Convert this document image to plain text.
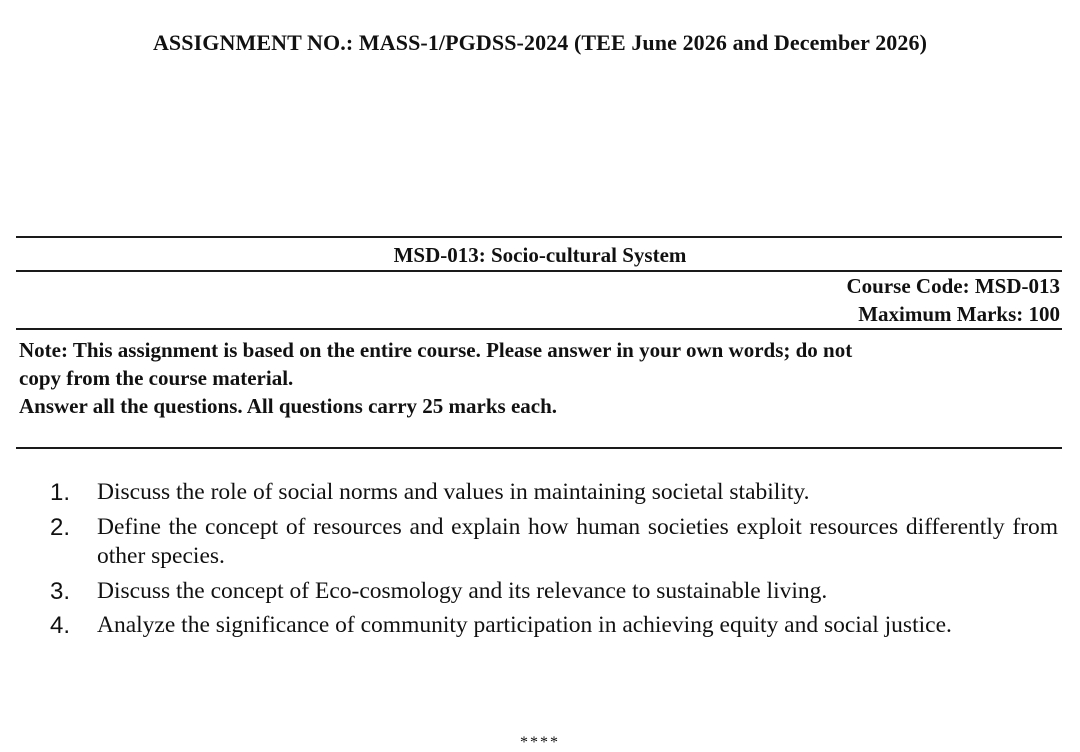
ASSIGNMENT NO.: MASS-1/PGDSS-2024 (TEE June 2026 and December 2026)
MSD-013: Socio-cultural System
Course Code: MSD-013
Maximum Marks: 100
Note: This assignment is based on the entire course. Please answer in your own words; do not
copy from the course material.
Answer all the questions. All questions carry 25 marks each.
1. Discuss the role of social norms and values in maintaining societal stability.
2. Define the concept of resources and explain how human societies exploit resources differently from other species.
3. Discuss the concept of Eco-cosmology and its relevance to sustainable living.
4. Analyze the significance of community participation in achieving equity and social justice.
****
